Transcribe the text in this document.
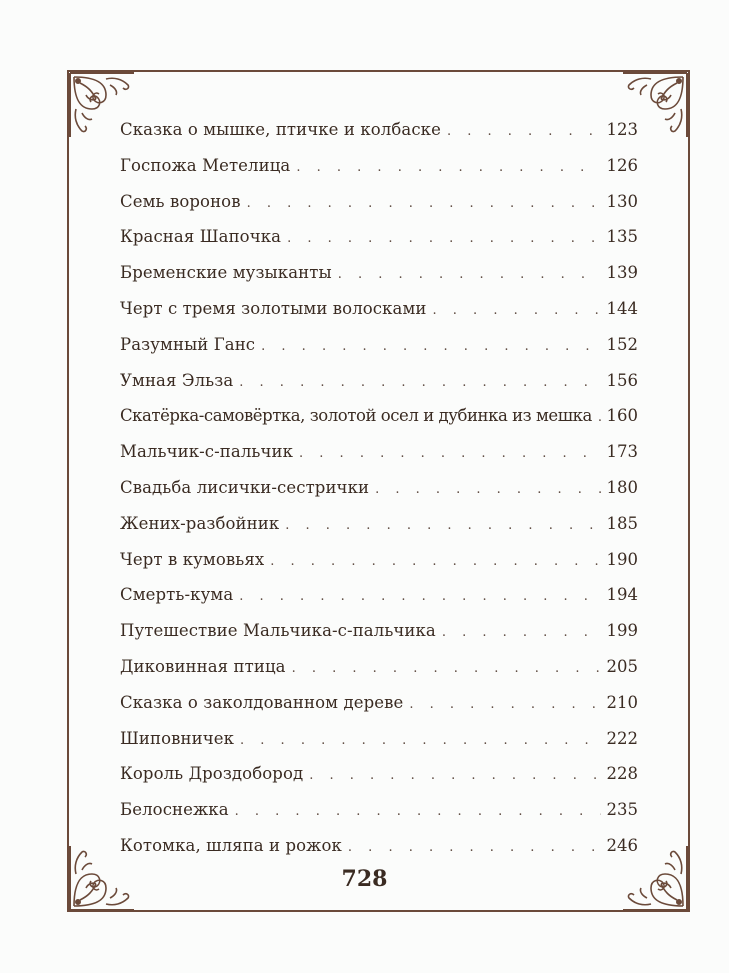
Сказка о мышке, птичке и колбаске . . .	123
Госпожа Метелица . . .	126
Семь воронов . . .	130
Красная Шапочка . . .	135
Бременские музыканты . . .	139
Черт с тремя золотыми волосками . . .	144
Разумный Ганс . . .	152
Умная Эльза . . .	156
Скатёрка-самовёртка, золотой осел и дубинка из мешка . . . 160
Мальчик-с-пальчик . . .	173
Свадьба лисички-сестрички . . .	180
Жених-разбойник . . .	185
Черт в кумовьях . . .	190
Смерть-кума . . .	194
Путешествие Мальчика-с-пальчика . . .	199
Диковинная птица . . .	205
Сказка о заколдованном дереве . . .	210
Шиповничек . . .	222
Король Дроздобород . . .	228
Белоснежка . . .	235
Котомка, шляпа и рожок . . .	246
728
